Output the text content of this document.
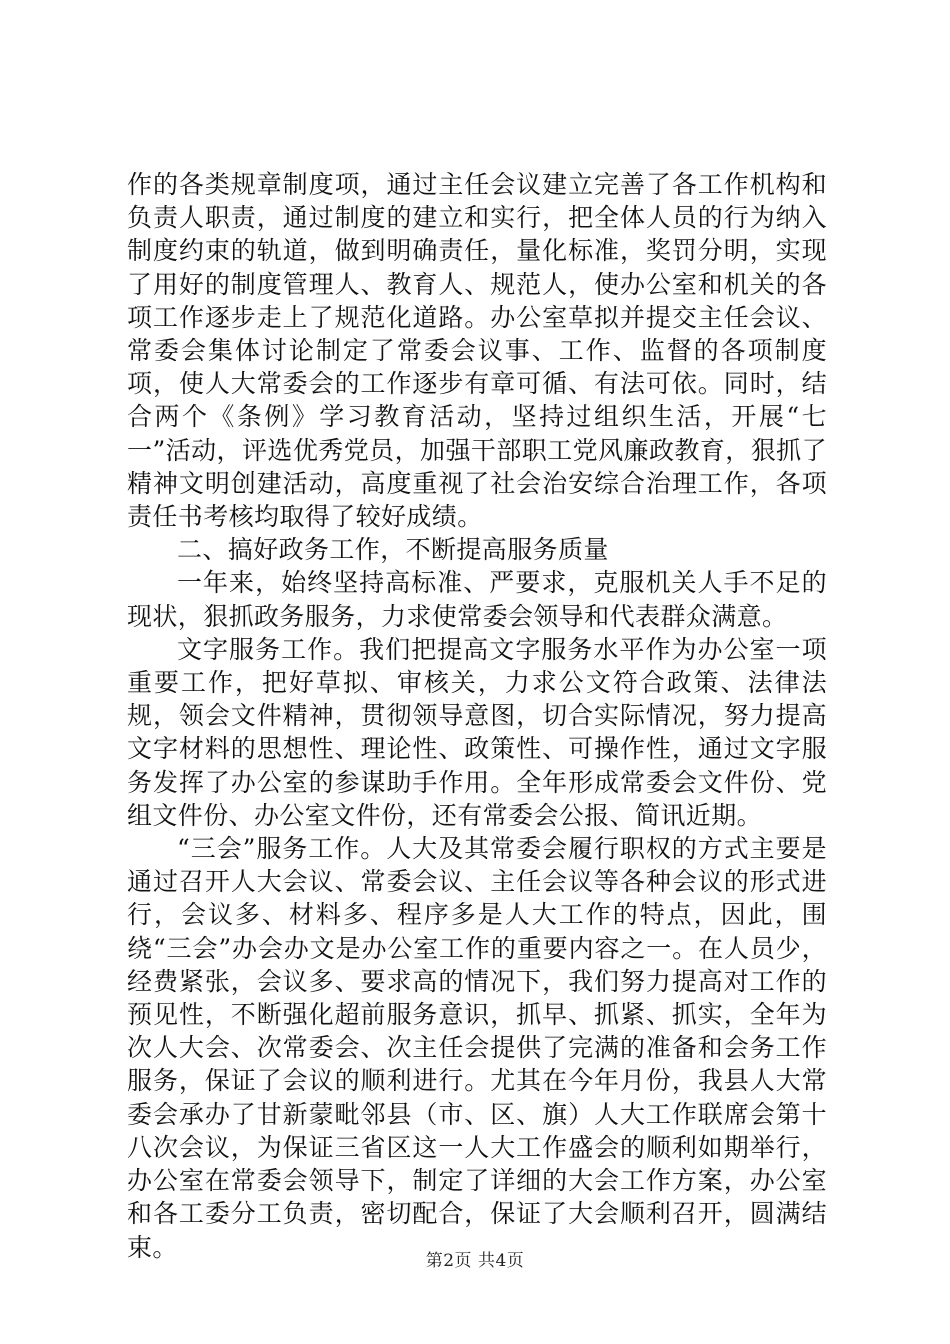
作的各类规章制度项，通过主任会议建立完善了各工作机构和负责人职责，通过制度的建立和实行，把全体人员的行为纳入制度约束的轨道，做到明确责任，量化标准，奖罚分明，实现了用好的制度管理人、教育人、规范人，使办公室和机关的各项工作逐步走上了规范化道路。办公室草拟并提交主任会议、常委会集体讨论制定了常委会议事、工作、监督的各项制度项，使人大常委会的工作逐步有章可循、有法可依。同时，结合两个《条例》学习教育活动，坚持过组织生活，开展“七一”活动，评选优秀党员，加强干部职工党风廉政教育，狠抓了精神文明创建活动，高度重视了社会治安综合治理工作，各项责任书考核均取得了较好成绩。

二、搞好政务工作，不断提高服务质量

一年来，始终坚持高标准、严要求，克服机关人手不足的现状，狠抓政务服务，力求使常委会领导和代表群众满意。

文字服务工作。我们把提高文字服务水平作为办公室一项重要工作，把好草拟、审核关，力求公文符合政策、法律法规，领会文件精神，贯彻领导意图，切合实际情况，努力提高文字材料的思想性、理论性、政策性、可操作性，通过文字服务发挥了办公室的参谋助手作用。全年形成常委会文件份、党组文件份、办公室文件份，还有常委会公报、简讯近期。

“三会”服务工作。人大及其常委会履行职权的方式主要是通过召开人大会议、常委会议、主任会议等各种会议的形式进行，会议多、材料多、程序多是人大工作的特点，因此，围绕“三会”办会办文是办公室工作的重要内容之一。在人员少，经费紧张，会议多、要求高的情况下，我们努力提高对工作的预见性，不断强化超前服务意识，抓早、抓紧、抓实，全年为次人大会、次常委会、次主任会提供了完满的准备和会务工作服务，保证了会议的顺利进行。尤其在今年月份，我县人大常委会承办了甘新蒙毗邻县（市、区、旗）人大工作联席会第十八次会议，为保证三省区这一人大工作盛会的顺利如期举行，办公室在常委会领导下，制定了详细的大会工作方案，办公室和各工委分工负责，密切配合，保证了大会顺利召开，圆满结束。	第2页 共4页
